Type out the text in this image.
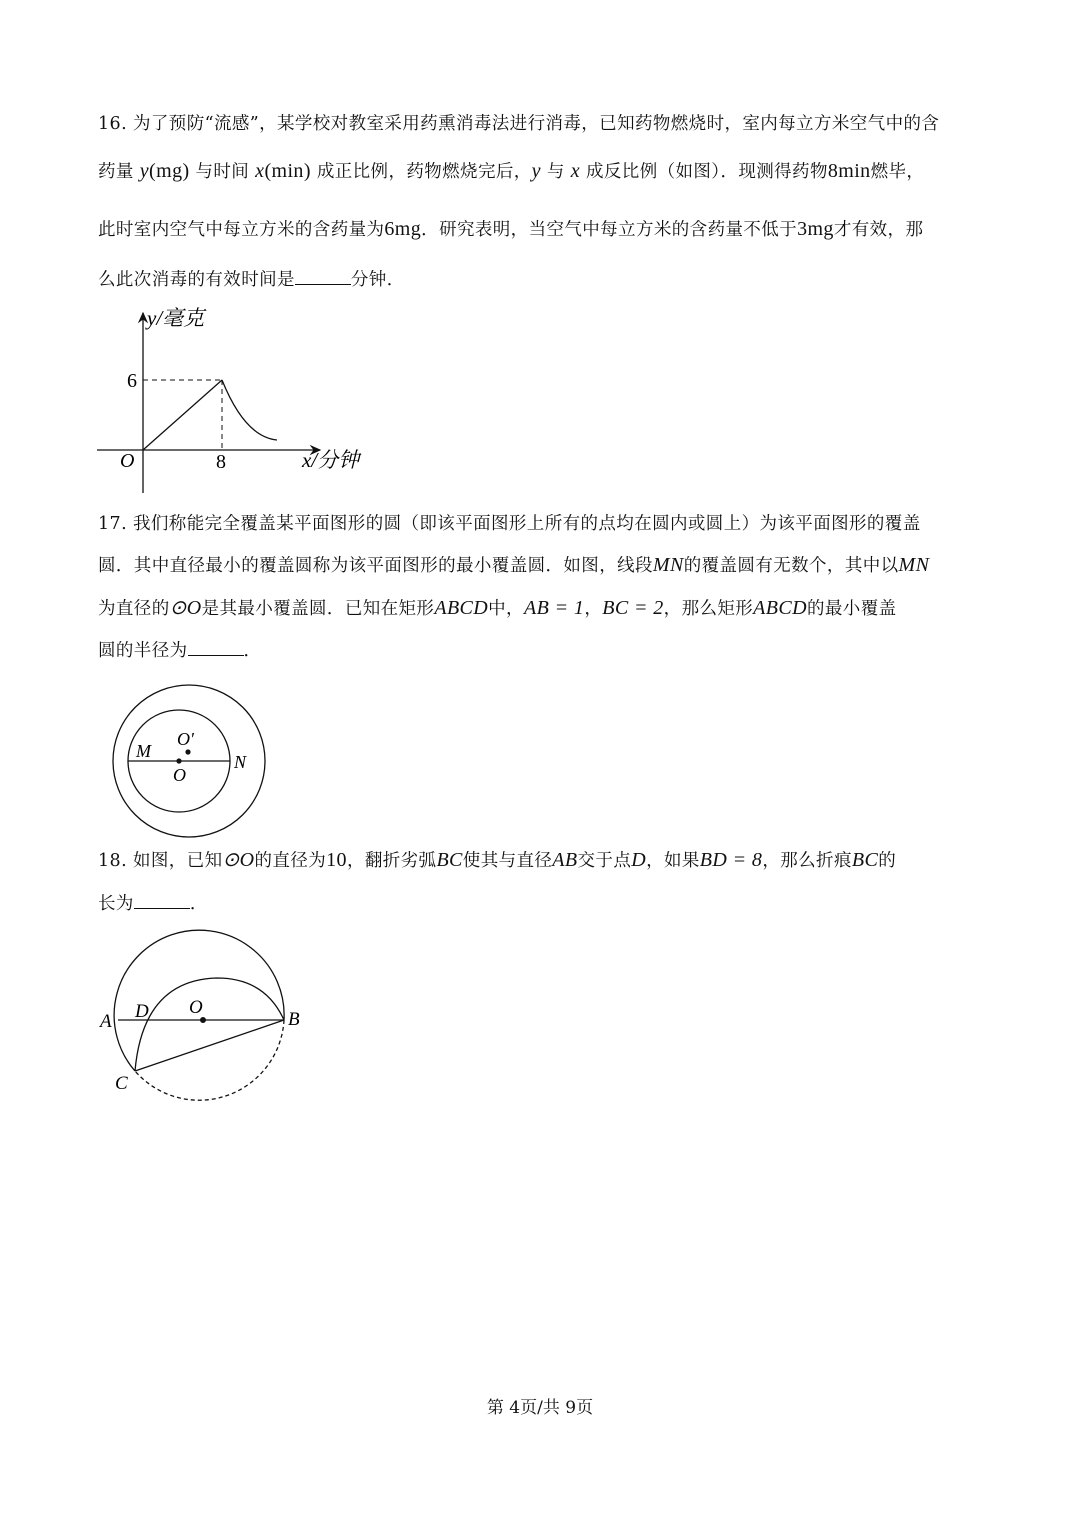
16. 为了预防“流感”，某学校对教室采用药熏消毒法进行消毒，已知药物燃烧时，室内每立方米空气中的含
药量 y(mg) 与时间 x(min) 成正比例，药物燃烧完后，y 与 x 成反比例（如图）．现测得药物8min燃毕，
此时室内空气中每立方米的含药量为6mg．研究表明，当空气中每立方米的含药量不低于3mg才有效，那
么此次消毒的有效时间是	分钟．
y/毫克
x/分钟
O
6
8
17. 我们称能完全覆盖某平面图形的圆（即该平面图形上所有的点均在圆内或圆上）为该平面图形的覆盖
圆．其中直径最小的覆盖圆称为该平面图形的最小覆盖圆．如图，线段MN的覆盖圆有无数个，其中以MN
为直径的⊙O是其最小覆盖圆．已知在矩形ABCD中，AB = 1，BC = 2，那么矩形ABCD的最小覆盖
圆的半径为	．
M
N
O
O′
18. 如图，已知⊙O的直径为10，翻折劣弧BC使其与直径AB交于点D，如果BD = 8，那么折痕BC的
长为	．
A	B
C
D O
第 4页/共 9页
